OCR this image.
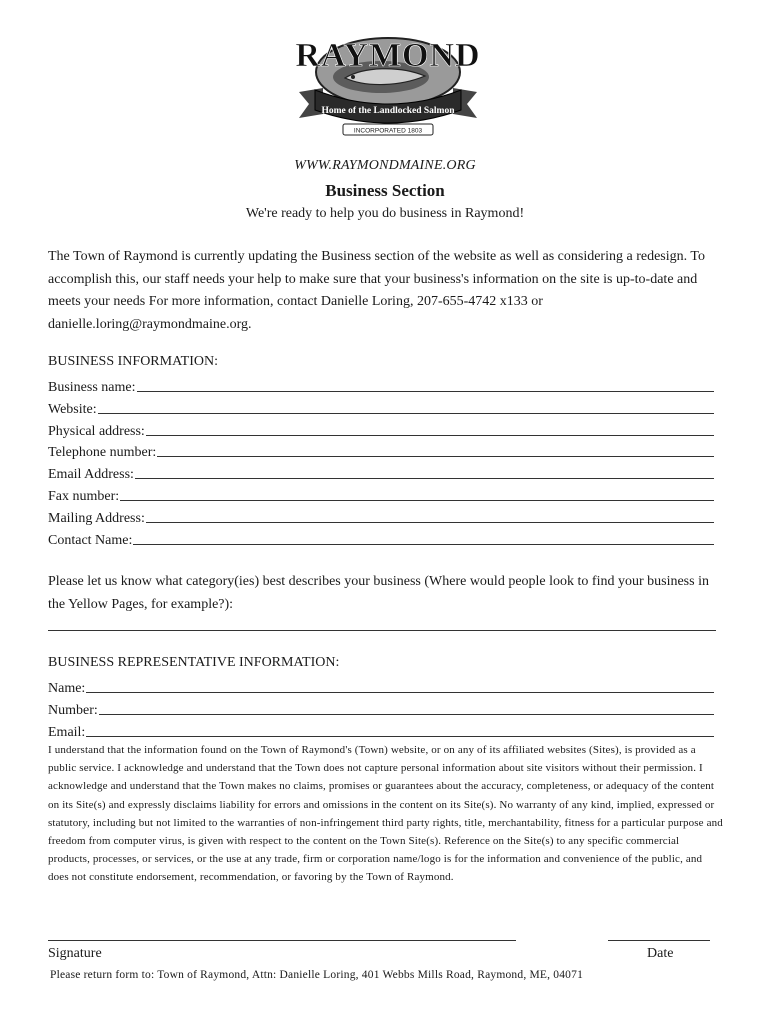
RAYMOND
Home of the Landlocked Salmon
INCORPORATED 1803
WWW.RAYMONDMAINE.ORG
Business Section
We're ready to help you do business in Raymond!
The Town of Raymond is currently updating the Business section of the website as well as considering a redesign. To accomplish this, our staff needs your help to make sure that your business's information on the site is up-to-date and meets your needs For more information, contact Danielle Loring, 207-655-4742 x133 or danielle.loring@raymondmaine.org.
BUSINESS INFORMATION:
Business name:
Website:
Physical address:
Telephone number:
Email Address:
Fax number:
Mailing Address:
Contact Name:
Please let us know what category(ies) best describes your business (Where would people look to find your business in the Yellow Pages, for example?):
BUSINESS REPRESENTATIVE INFORMATION:
Name:
Number:
Email:
I understand that the information found on the Town of Raymond's (Town) website, or on any of its affiliated websites (Sites), is provided as a public service. I acknowledge and understand that the Town does not capture personal information about site visitors without their permission. I acknowledge and understand that the Town makes no claims, promises or guarantees about the accuracy, completeness, or adequacy of the content on its Site(s) and expressly disclaims liability for errors and omissions in the content on its Site(s). No warranty of any kind, implied, expressed or statutory, including but not limited to the warranties of non-infringement third party rights, title, merchantability, fitness for a particular purpose and freedom from computer virus, is given with respect to the content on the Town Site(s). Reference on the Site(s) to any specific commercial products, processes, or services, or the use at any trade, firm or corporation name/logo is for the information and convenience of the public, and does not constitute endorsement, recommendation, or favoring by the Town of Raymond.
Signature	Date
Please return form to: Town of Raymond, Attn: Danielle Loring, 401 Webbs Mills Road, Raymond, ME, 04071
